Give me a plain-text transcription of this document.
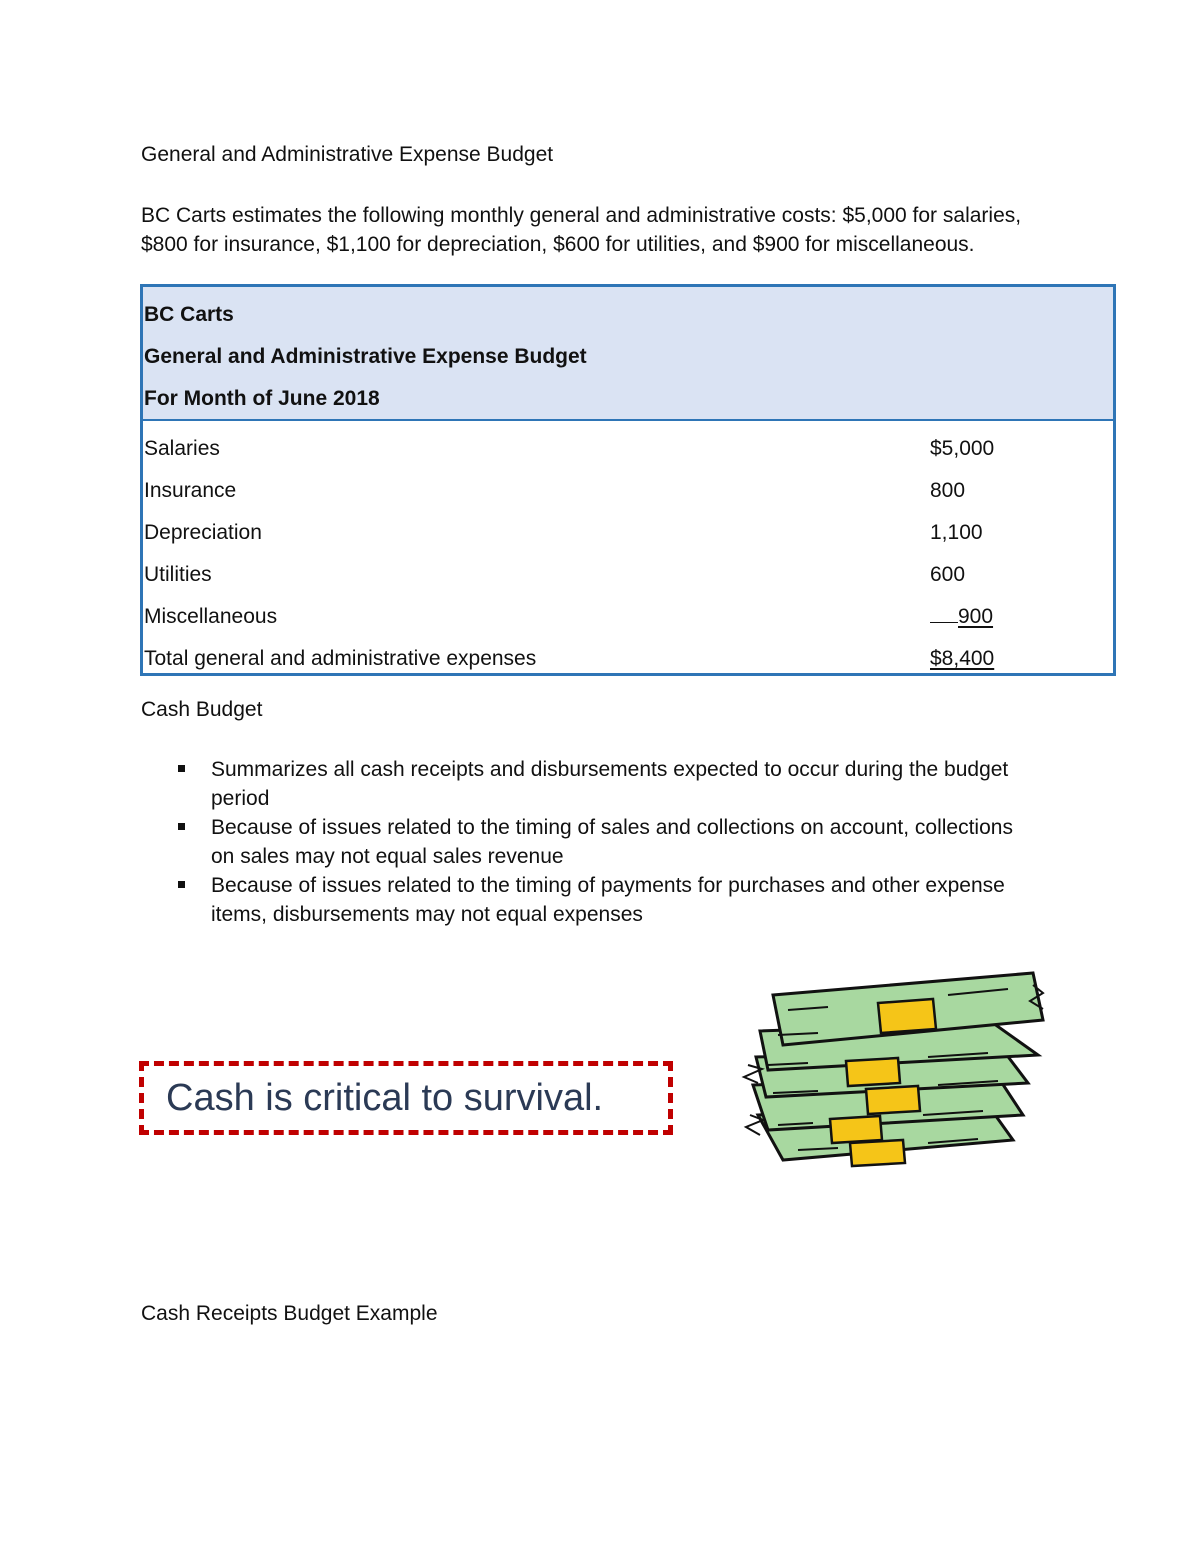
General and Administrative Expense Budget
BC Carts estimates the following monthly general and administrative costs: $5,000 for salaries,
$800 for insurance, $1,100 for depreciation, $600 for utilities, and $900 for miscellaneous.
BC Carts
General and Administrative Expense Budget
For Month of June 2018
Salaries	$5,000
Insurance	800
Depreciation	1,100
Utilities	600
Miscellaneous	900
Total general and administrative expenses	$8,400
Cash Budget
Summarizes all cash receipts and disbursements expected to occur during the budget period
Because of issues related to the timing of sales and collections on account, collections on sales may not equal sales revenue
Because of issues related to the timing of payments for purchases and other expense items, disbursements may not equal expenses
Cash is critical to survival.
Cash Receipts Budget Example
